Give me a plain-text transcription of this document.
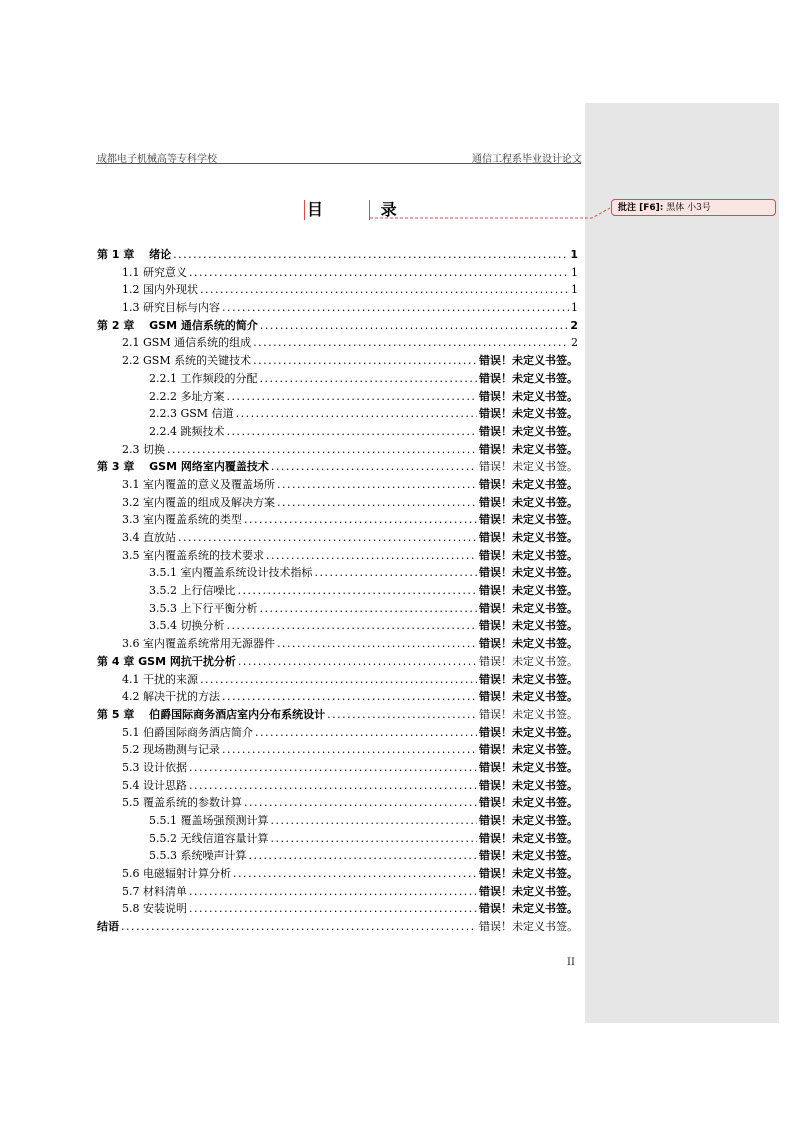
批注 [F6]: 黑体 小3号
成都电子机械高等专科学校	通信工程系毕业设计论文
目 录
第 1 章　 绪论 .....	1
1.1 研究意义 .....	1
1.2 国内外现状 .....	1
1.3 研究目标与内容 .....	1
第 2 章　 GSM 通信系统的简介 .....	2
2.1 GSM 通信系统的组成 .....	2
2.2 GSM 系统的关键技术 .....	错误！未定义书签。
2.2.1 工作频段的分配 .....	错误！未定义书签。
2.2.2 多址方案 .....	错误！未定义书签。
2.2.3 GSM 信道 .....	错误！未定义书签。
2.2.4 跳频技术 .....	错误！未定义书签。
2.3 切换 .....	错误！未定义书签。
第 3 章　 GSM 网络室内覆盖技术 .....	错误！未定义书签。
3.1 室内覆盖的意义及覆盖场所 .....	错误！未定义书签。
3.2 室内覆盖的组成及解决方案 .....	错误！未定义书签。
3.3 室内覆盖系统的类型 .....	错误！未定义书签。
3.4 直放站 .....	错误！未定义书签。
3.5 室内覆盖系统的技术要求 .....	错误！未定义书签。
3.5.1 室内覆盖系统设计技术指标 .....	错误！未定义书签。
3.5.2 上行信噪比 .....	错误！未定义书签。
3.5.3 上下行平衡分析 .....	错误！未定义书签。
3.5.4 切换分析 .....	错误！未定义书签。
3.6 室内覆盖系统常用无源器件 .....	错误！未定义书签。
第 4 章 GSM 网抗干扰分析 .....	错误！未定义书签。
4.1 干扰的来源 .....	错误！未定义书签。
4.2 解决干扰的方法 .....	错误！未定义书签。
第 5 章　 伯爵国际商务酒店室内分布系统设计 .....	错误！未定义书签。
5.1 伯爵国际商务酒店简介 .....	错误！未定义书签。
5.2 现场勘测与记录 .....	错误！未定义书签。
5.3 设计依据 .....	错误！未定义书签。
5.4 设计思路 .....	错误！未定义书签。
5.5 覆盖系统的参数计算 .....	错误！未定义书签。
5.5.1 覆盖场强预测计算 .....	错误！未定义书签。
5.5.2 无线信道容量计算 .....	错误！未定义书签。
5.5.3 系统噪声计算 .....	错误！未定义书签。
5.6 电磁辐射计算分析 .....	错误！未定义书签。
5.7 材料清单 .....	错误！未定义书签。
5.8 安装说明 .....	错误！未定义书签。
结语 .....	错误！未定义书签。
II
